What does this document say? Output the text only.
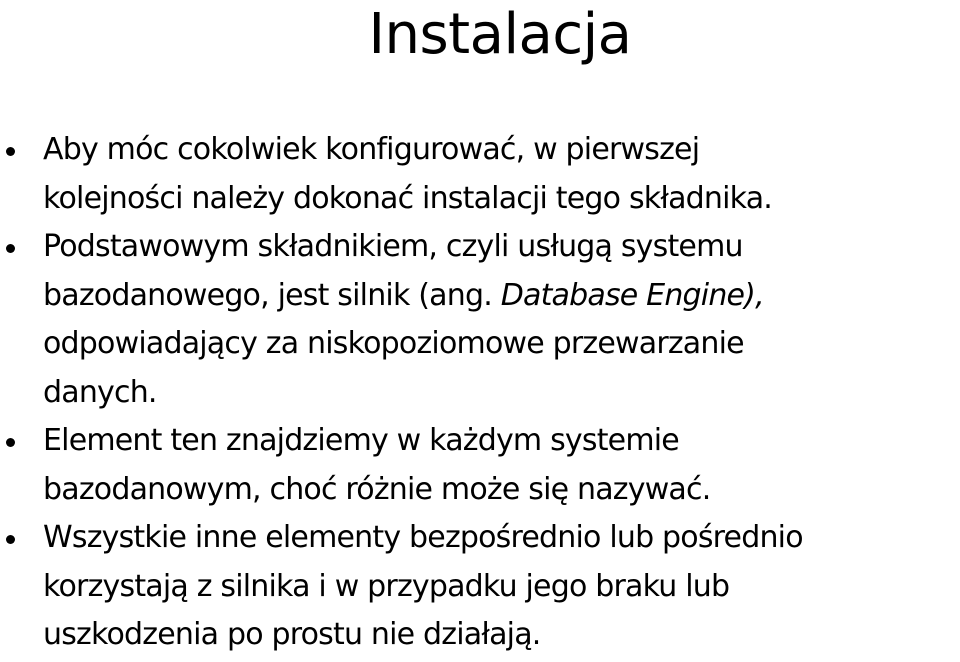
Instalacja
Aby móc cokolwiek konfigurować, w pierwszej
kolejności należy dokonać instalacji tego składnika.
Podstawowym składnikiem, czyli usługą systemu
bazodanowego, jest silnik (ang. Database Engine),
odpowiadający za niskopoziomowe przewarzanie
danych.
Element ten znajdziemy w każdym systemie
bazodanowym, choć różnie może się nazywać.
Wszystkie inne elementy bezpośrednio lub pośrednio
korzystają z silnika i w przypadku jego braku lub
uszkodzenia po prostu nie działają.
